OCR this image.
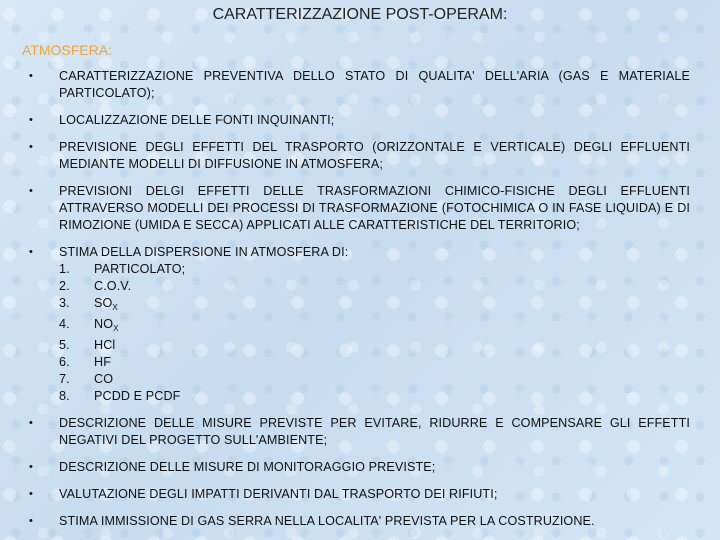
CARATTERIZZAZIONE POST-OPERAM:
ATMOSFERA:
• CARATTERIZZAZIONE PREVENTIVA DELLO STATO DI QUALITA' DELL'ARIA (GAS E MATERIALE PARTICOLATO);
• LOCALIZZAZIONE DELLE FONTI INQUINANTI;
• PREVISIONE DEGLI EFFETTI DEL TRASPORTO (ORIZZONTALE E VERTICALE) DEGLI EFFLUENTI MEDIANTE MODELLI DI DIFFUSIONE IN ATMOSFERA;
• PREVISIONI DELGI EFFETTI DELLE TRASFORMAZIONI CHIMICO-FISICHE DEGLI EFFLUENTI ATTRAVERSO MODELLI DEI PROCESSI DI TRASFORMAZIONE (FOTOCHIMICA O IN FASE LIQUIDA) E DI RIMOZIONE (UMIDA E SECCA) APPLICATI ALLE CARATTERISTICHE DEL TERRITORIO;
• STIMA DELLA DISPERSIONE IN ATMOSFERA DI:
1.	PARTICOLATO;
2.	C.O.V.
3.	$SO_X$
4.	$NO_X$
5.	HCl
6.	HF
7.	CO
8.	PCDD E PCDF
• DESCRIZIONE DELLE MISURE PREVISTE PER EVITARE, RIDURRE E COMPENSARE GLI EFFETTI NEGATIVI DEL PROGETTO SULL'AMBIENTE;
• DESCRIZIONE DELLE MISURE DI MONITORAGGIO PREVISTE;
• VALUTAZIONE DEGLI IMPATTI DERIVANTI DAL TRASPORTO DEI RIFIUTI;
• STIMA IMMISSIONE DI GAS SERRA NELLA LOCALITA' PREVISTA PER LA COSTRUZIONE.
